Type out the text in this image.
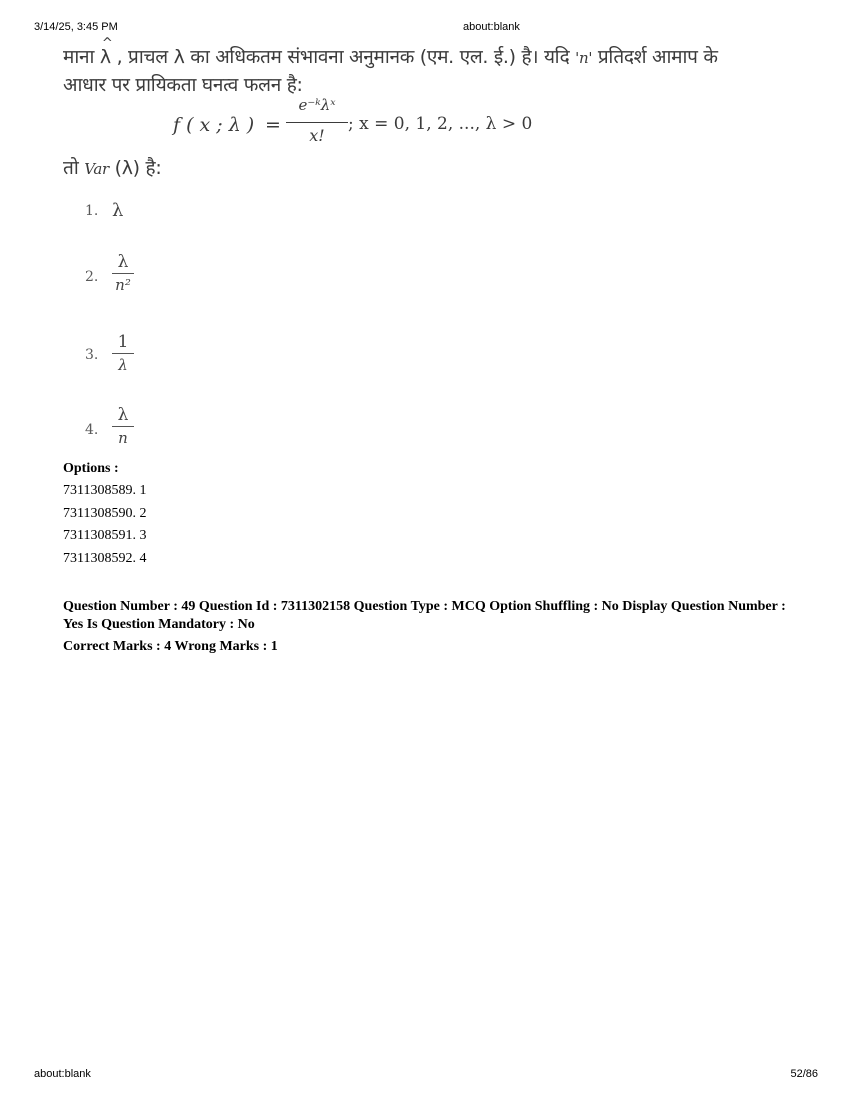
3/14/25, 3:45 PM	about:blank
माना ^ λ , प्राचल λ का अधिकतम संभावना अनुमानक (एम. एल. ई.) है। यदि 'n' प्रतिदर्श आमाप के
आधार पर प्रायिकता घनत्व फलन है:
f ( x ; λ ) =
e⁻ᵏλˣ
x!
; x = 0, 1, 2, ..., λ > 0
तो Var (λ) है:
1. λ
2.
λ
n²
3.
1
λ
4.
λ
n
Options :
7311308589. 1
7311308590. 2
7311308591. 3
7311308592. 4
Question Number : 49 Question Id : 7311302158 Question Type : MCQ Option Shuffling : No Display Question Number : Yes Is Question Mandatory : No
Correct Marks : 4 Wrong Marks : 1
about:blank	52/86
